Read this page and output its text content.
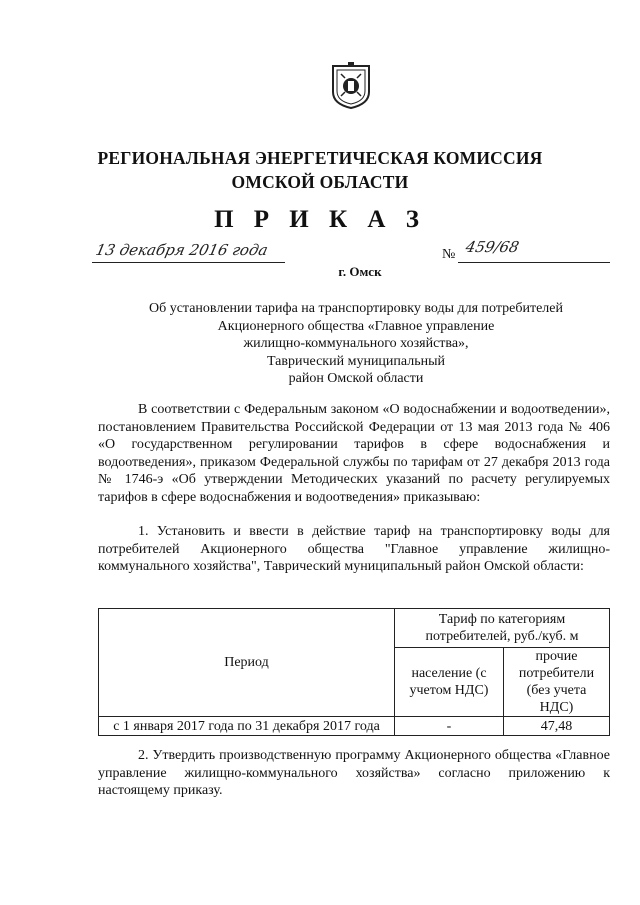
РЕГИОНАЛЬНАЯ ЭНЕРГЕТИЧЕСКАЯ КОМИССИЯ
ОМСКОЙ ОБЛАСТИ
П Р И К А З
13 декабря 2016 года	№ 459/68
г. Омск
Об установлении тарифа на транспортировку воды для потребителей
Акционерного общества «Главное управление
жилищно-коммунального хозяйства»,
Таврический муниципальный
район Омской области
В соответствии с Федеральным законом «О водоснабжении и водоотведении», постановлением Правительства Российской Федерации от 13 мая 2013 года № 406 «О государственном регулировании тарифов в сфере водоснабжения и водоотведения», приказом Федеральной службы по тарифам от 27 декабря 2013 года № 1746-э «Об утверждении Методических указаний по расчету регулируемых тарифов в сфере водоснабжения и водоотведения» приказываю:
1. Установить и ввести в действие тариф на транспортировку воды для потребителей Акционерного общества "Главное управление жилищно-коммунального хозяйства", Таврический муниципальный район Омской области:
Период	Тариф по категориям потребителей, руб./куб. м	
	население (с учетом НДС)	прочие потребители (без учета НДС)
с 1 января 2017 года по 31 декабря 2017 года	-	47,48
2. Утвердить производственную программу Акционерного общества «Главное управление жилищно-коммунального хозяйства» согласно приложению к настоящему приказу.
